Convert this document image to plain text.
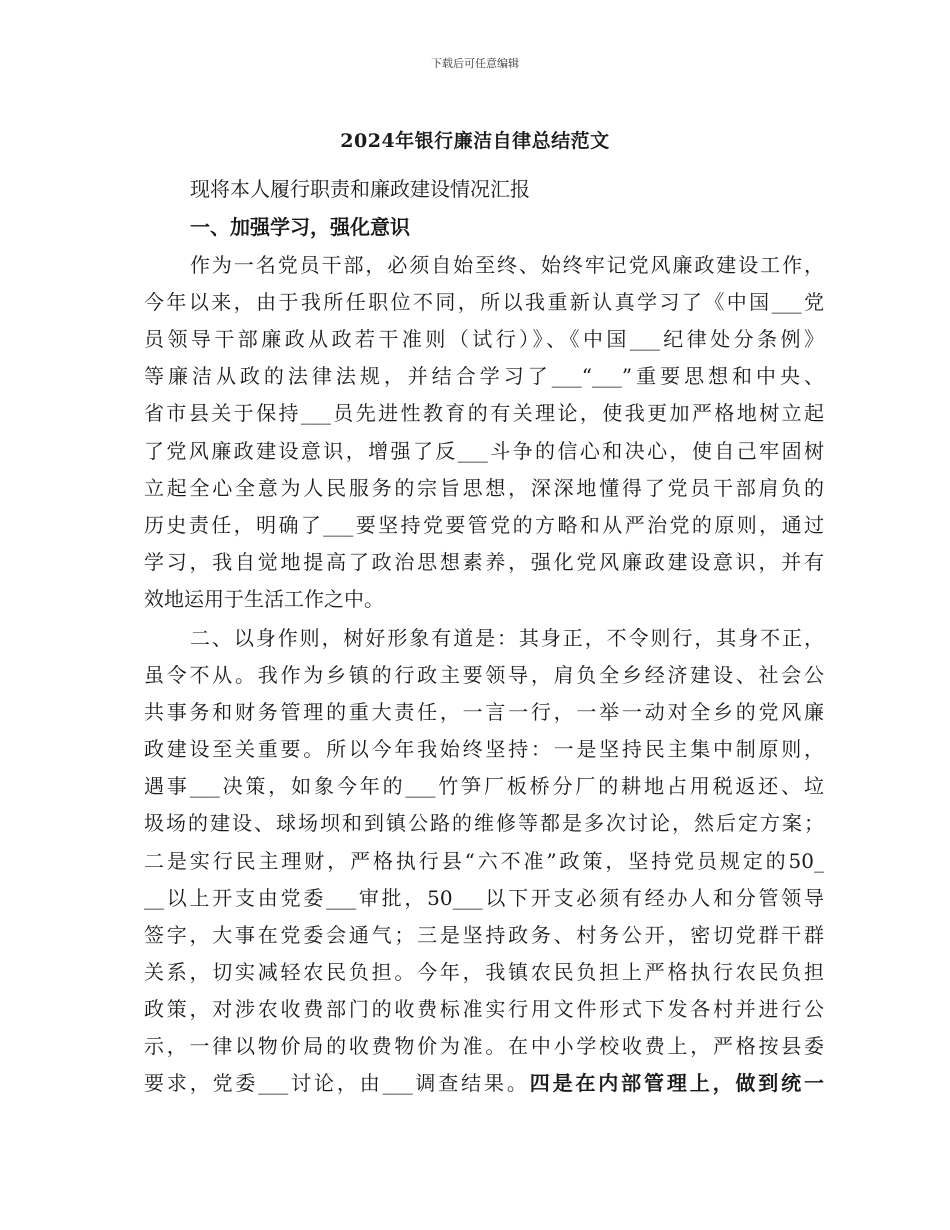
下载后可任意编辑
2024年银行廉洁自律总结范文
现将本人履行职责和廉政建设情况汇报
一、加强学习，强化意识
作为一名党员干部，必须自始至终、始终牢记党风廉政建设工作，
今年以来，由于我所任职位不同，所以我重新认真学习了《中国___党
员领导干部廉政从政若干准则（试行）》、《中国___纪律处分条例》
等廉洁从政的法律法规，并结合学习了___“___”重要思想和中央、
省市县关于保持___员先进性教育的有关理论，使我更加严格地树立起
了党风廉政建设意识，增强了反___斗争的信心和决心，使自己牢固树
立起全心全意为人民服务的宗旨思想，深深地懂得了党员干部肩负的
历史责任，明确了___要坚持党要管党的方略和从严治党的原则，通过
学习，我自觉地提高了政治思想素养，强化党风廉政建设意识，并有
效地运用于生活工作之中。
二、以身作则，树好形象有道是：其身正，不令则行，其身不正，
虽令不从。我作为乡镇的行政主要领导，肩负全乡经济建设、社会公
共事务和财务管理的重大责任，一言一行，一举一动对全乡的党风廉
政建设至关重要。所以今年我始终坚持：一是坚持民主集中制原则，
遇事___决策，如象今年的___竹笋厂板桥分厂的耕地占用税返还、垃
圾场的建设、球场坝和到镇公路的维修等都是多次讨论，然后定方案；
二是实行民主理财，严格执行县“六不准”政策，坚持党员规定的50_
__以上开支由党委___审批，50___以下开支必须有经办人和分管领导
签字，大事在党委会通气；三是坚持政务、村务公开，密切党群干群
关系，切实减轻农民负担。今年，我镇农民负担上严格执行农民负担
政策，对涉农收费部门的收费标准实行用文件形式下发各村并进行公
示，一律以物价局的收费物价为准。在中小学校收费上，严格按县委
要求，党委___讨论，由___调查结果。四是在内部管理上，做到统一
